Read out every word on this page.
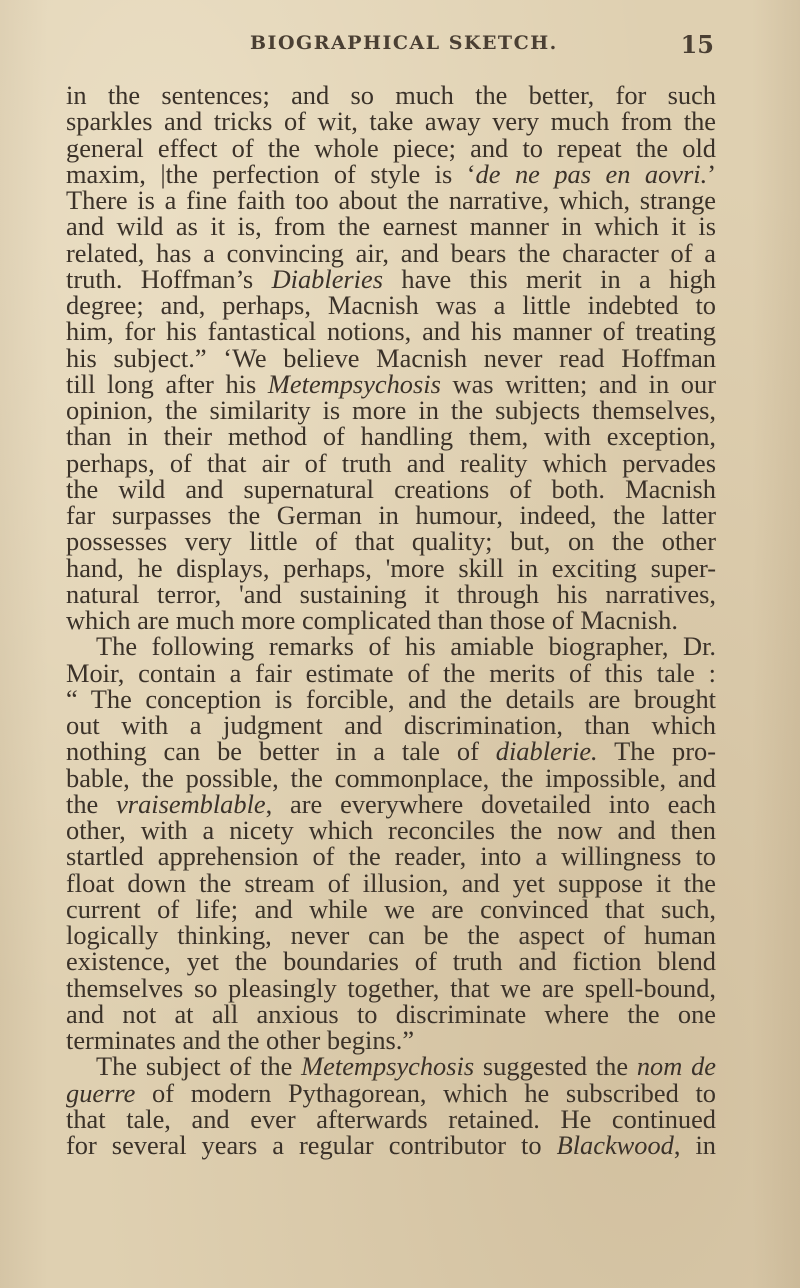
BIOGRAPHICAL SKETCH.	15
in the sentences; and so much the better, for such
sparkles and tricks of wit, take away very much from the
general effect of the whole piece; and to repeat the old
maxim, |the perfection of style is ‘de ne pas en aovri.’
There is a fine faith too about the narrative, which, strange
and wild as it is, from the earnest manner in which it is
related, has a convincing air, and bears the character of a
truth. Hoffman’s Diableries have this merit in a high
degree; and, perhaps, Macnish was a little indebted to
him, for his fantastical notions, and his manner of treating
his subject.” ‘We believe Macnish never read Hoffman
till long after his Metempsychosis was written; and in our
opinion, the similarity is more in the subjects themselves,
than in their method of handling them, with exception,
perhaps, of that air of truth and reality which pervades
the wild and supernatural creations of both. Macnish
far surpasses the German in humour, indeed, the latter
possesses very little of that quality; but, on the other
hand, he displays, perhaps, 'more skill in exciting super-
natural terror, 'and sustaining it through his narratives,
which are much more complicated than those of Macnish.
The following remarks of his amiable biographer, Dr.
Moir, contain a fair estimate of the merits of this tale :
“ The conception is forcible, and the details are brought
out with a judgment and discrimination, than which
nothing can be better in a tale of diablerie. The pro-
bable, the possible, the commonplace, the impossible, and
the vraisemblable, are everywhere dovetailed into each
other, with a nicety which reconciles the now and then
startled apprehension of the reader, into a willingness to
float down the stream of illusion, and yet suppose it the
current of life; and while we are convinced that such,
logically thinking, never can be the aspect of human
existence, yet the boundaries of truth and fiction blend
themselves so pleasingly together, that we are spell-bound,
and not at all anxious to discriminate where the one
terminates and the other begins.”
The subject of the Metempsychosis suggested the nom de
guerre of modern Pythagorean, which he subscribed to
that tale, and ever afterwards retained. He continued
for several years a regular contributor to Blackwood, in
